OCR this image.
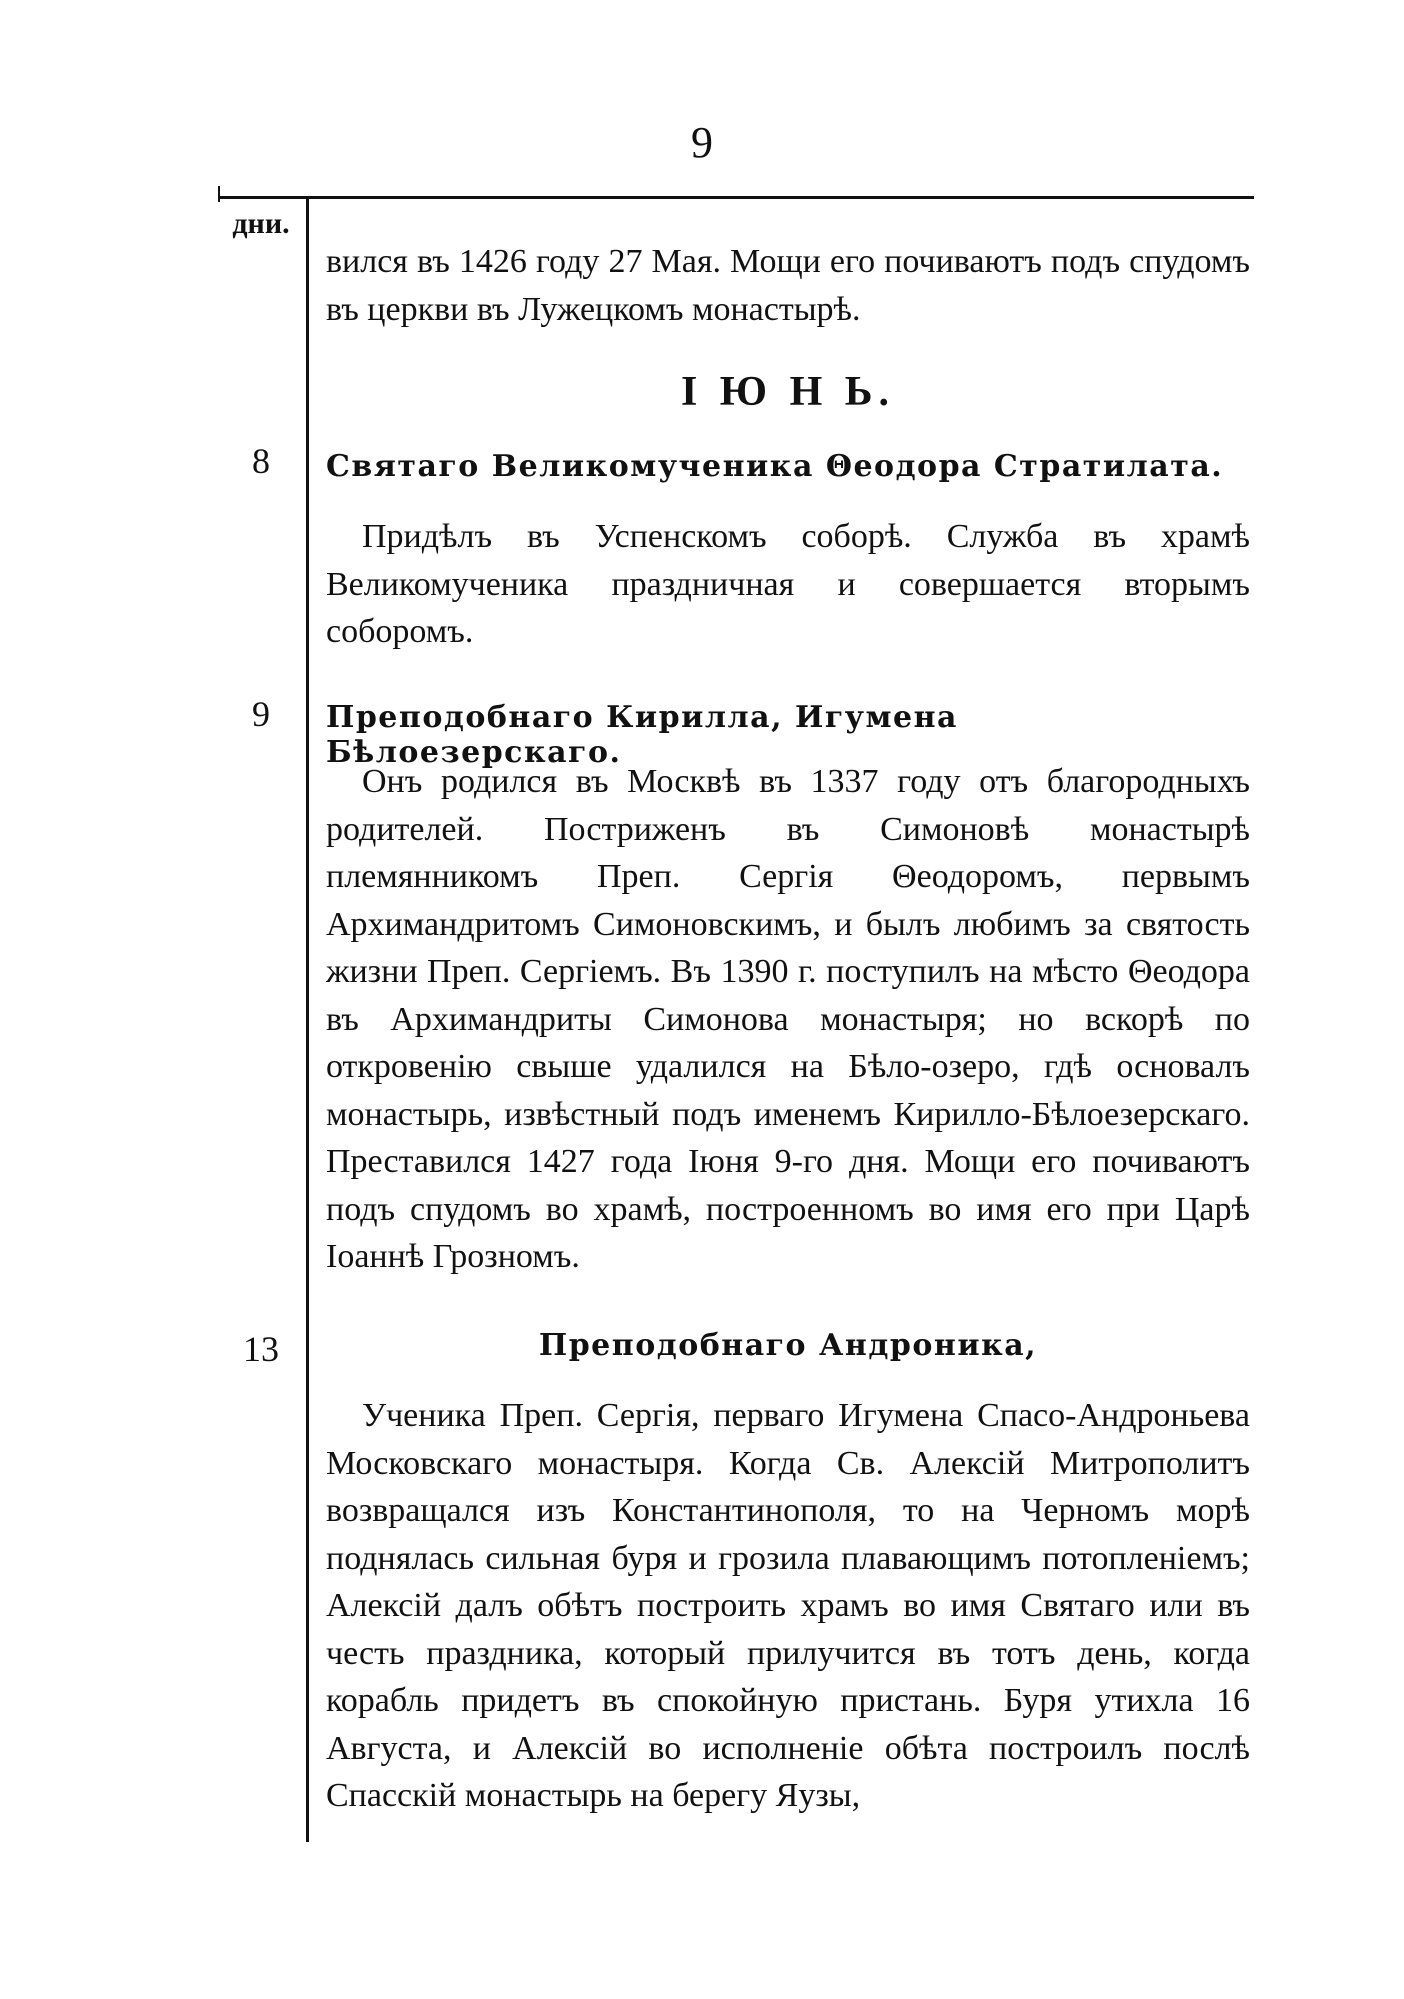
9
дни.
вился въ 1426 году 27 Мая. Мощи его почиваютъ подъ спудомъ въ церкви въ Лужецкомъ монастырѣ.
I Ю Н Ь.
8	Святаго Великомученика Θеодора Стратилата.
Придѣлъ въ Успенскомъ соборѣ. Служба въ храмѣ Великомученика праздничная и совершается вторымъ соборомъ.
9	Преподобнаго Кирилла, Игумена Бѣлоезерскаго.
Онъ родился въ Москвѣ въ 1337 году отъ благородныхъ родителей. Постриженъ въ Симоновѣ монастырѣ племянникомъ Преп. Сергія Θеодоромъ, первымъ Архимандритомъ Симоновскимъ, и былъ любимъ за святость жизни Преп. Сергіемъ. Въ 1390 г. поступилъ на мѣсто Θеодора въ Архимандриты Симонова монастыря; но вскорѣ по откровенію свыше удалился на Бѣло-озеро, гдѣ основалъ монастырь, извѣстный подъ именемъ Кирилло-Бѣлоезерскаго. Преставился 1427 года Іюня 9-го дня. Мощи его почиваютъ подъ спудомъ во храмѣ, построенномъ во имя его при Царѣ Іоаннѣ Грозномъ.
13	Преподобнаго Андроника,
Ученика Преп. Сергія, перваго Игумена Спасо-Андроньева Московскаго монастыря. Когда Св. Алексій Митрополитъ возвращался изъ Константинополя, то на Черномъ морѣ поднялась сильная буря и грозила плавающимъ потопленіемъ; Алексій далъ обѣтъ построить храмъ во имя Святаго или въ честь праздника, который прилучится въ тотъ день, когда корабль придетъ въ спокойную пристань. Буря утихла 16 Августа, и Алексій во исполненіе обѣта построилъ послѣ Спасскій монастырь на берегу Яузы,
